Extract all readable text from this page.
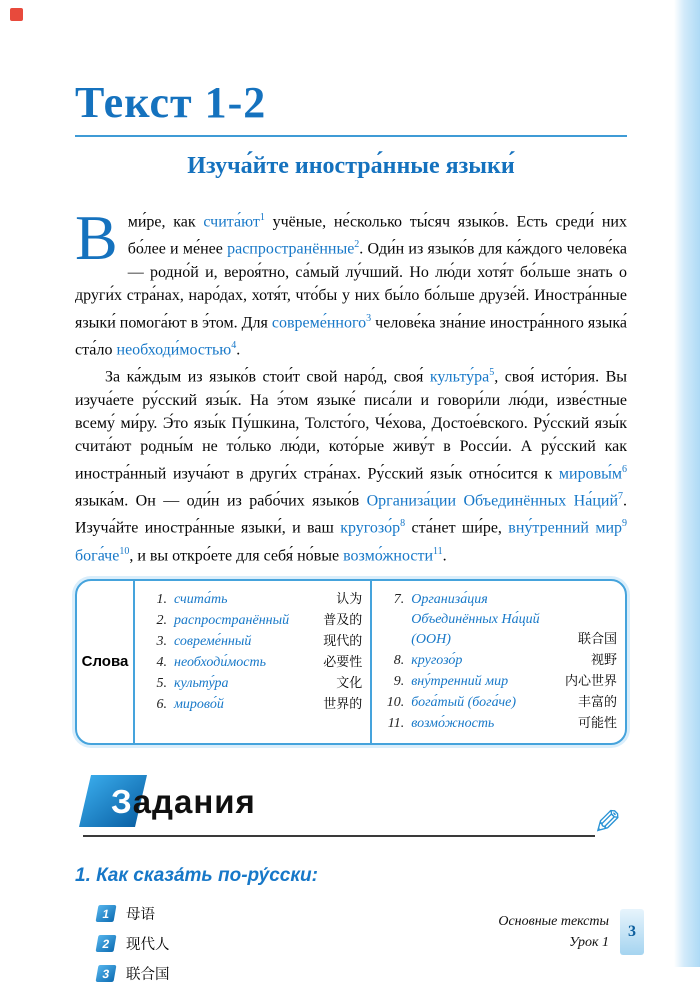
Текст 1-2
Изуча́йте иностра́нные языки́

Вми́ре, как $счита́ют^1$ учёные, не́сколько ты́сяч языко́в. Есть среди́ них бо́лее и ме́нее распространённые$^2$. Оди́н из языко́в для ка́ждого челове́ка — родно́й и, вероя́тно, са́мый лу́чший. Но лю́ди хотя́т бо́льше знать о други́х стра́нах, наро́дах, хотя́т, что́бы у них бы́ло бо́льше друзе́й. Иностра́нные языки́ помога́ют в э́том. Для совреме́нного$^3$ челове́ка зна́ние иностра́нного языка́ ста́ло необходи́мостью$^4$.

За ка́ждым из языко́в стои́т свой наро́д, своя́ $культу́ра^5$, своя́ исто́рия. Вы изуча́ете ру́сский язы́к. На э́том языке́ писа́ли и говори́ли лю́ди, изве́стные всему́ ми́ру. Э́то язы́к Пу́шкина, Толсто́го, Че́хова, Достое́вского. Ру́сский язы́к счита́ют родны́м не то́лько лю́ди, кото́рые живу́т в Росси́и. А ру́сский как иностра́нный изуча́ют в други́х стра́нах. Ру́сский язы́к отно́сится к $мировы́м^6$ языка́м. Он — оди́н из рабо́чих языко́в Организа́ции Объединённых На́ций$^7$. Изуча́йте иностра́нные языки́, и ваш $кругозо́р^8$ ста́нет ши́ре, вну́тренний мир$^9$ $бога́че^{10}$, и вы откро́ете для себя́ но́вые возмо́жности$^{11}$.

Слова
1. счита́ть	认为
2. распространённый	普及的
3. совреме́нный	现代的
4. необходи́мость	必要性
5. культу́ра	文化
6. мирово́й	世界的
7. Организа́ция Объединённых На́ций (ООН)	联合国
8. кругозо́р	视野
9. вну́тренний мир	内心世界
10. бога́тый (бога́че)	丰富的
11. возмо́жность	可能性
Задания
✎
1. Как сказа́ть по-ру́сски:
1	母语
2	现代人
3	联合国
Основные тексты
Урок 1
3
